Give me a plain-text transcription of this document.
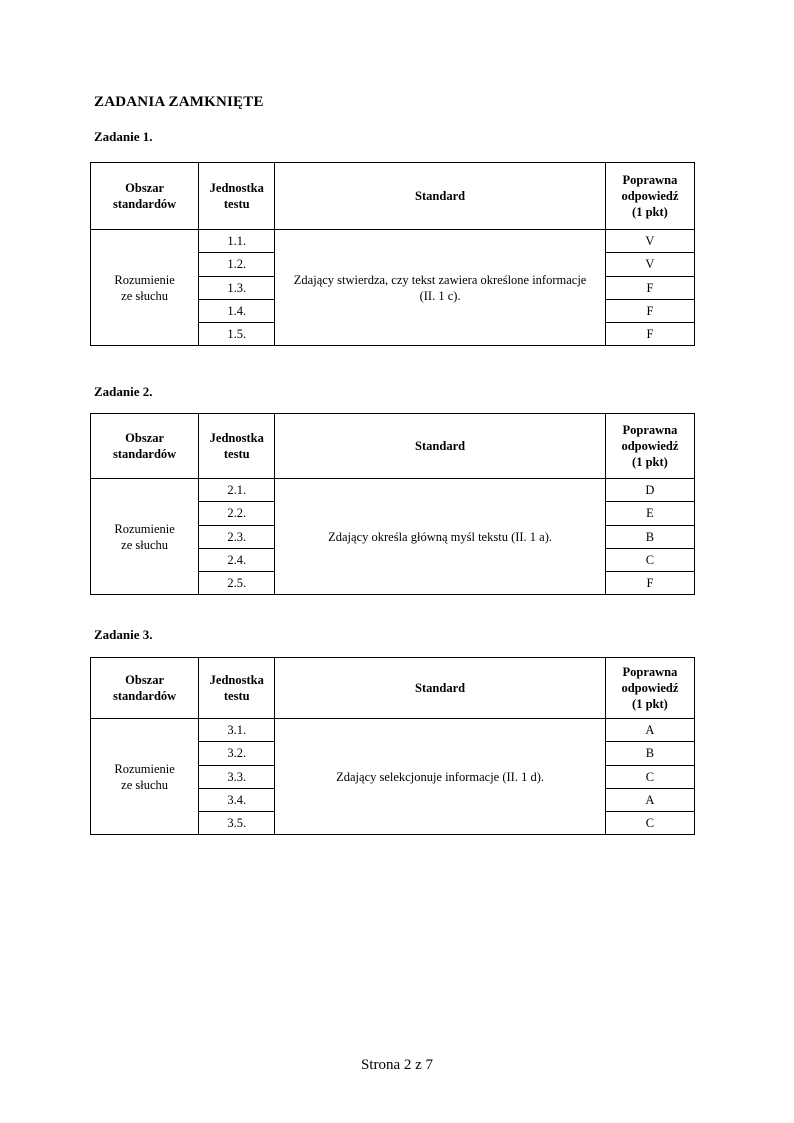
ZADANIA ZAMKNIĘTE
Zadanie 1.
Obszar
standardów	Jednostka
testu	Standard	Poprawna
odpowiedź
(1 pkt)
Rozumienie
ze słuchu	1.1.	Zdający stwierdza, czy tekst zawiera określone informacje
(II. 1 c).	V
	1.2.		V
	1.3.		F
	1.4.		F
	1.5.		F
Zadanie 2.
Obszar
standardów	Jednostka
testu	Standard	Poprawna
odpowiedź
(1 pkt)
Rozumienie
ze słuchu	2.1.	Zdający określa główną myśl tekstu (II. 1 a).	D
	2.2.		E
	2.3.		B
	2.4.		C
	2.5.		F
Zadanie 3.
Obszar
standardów	Jednostka
testu	Standard	Poprawna
odpowiedź
(1 pkt)
Rozumienie
ze słuchu	3.1.	Zdający selekcjonuje informacje (II. 1 d).	A
	3.2.		B
	3.3.		C
	3.4.		A
	3.5.		C
Strona 2 z 7
